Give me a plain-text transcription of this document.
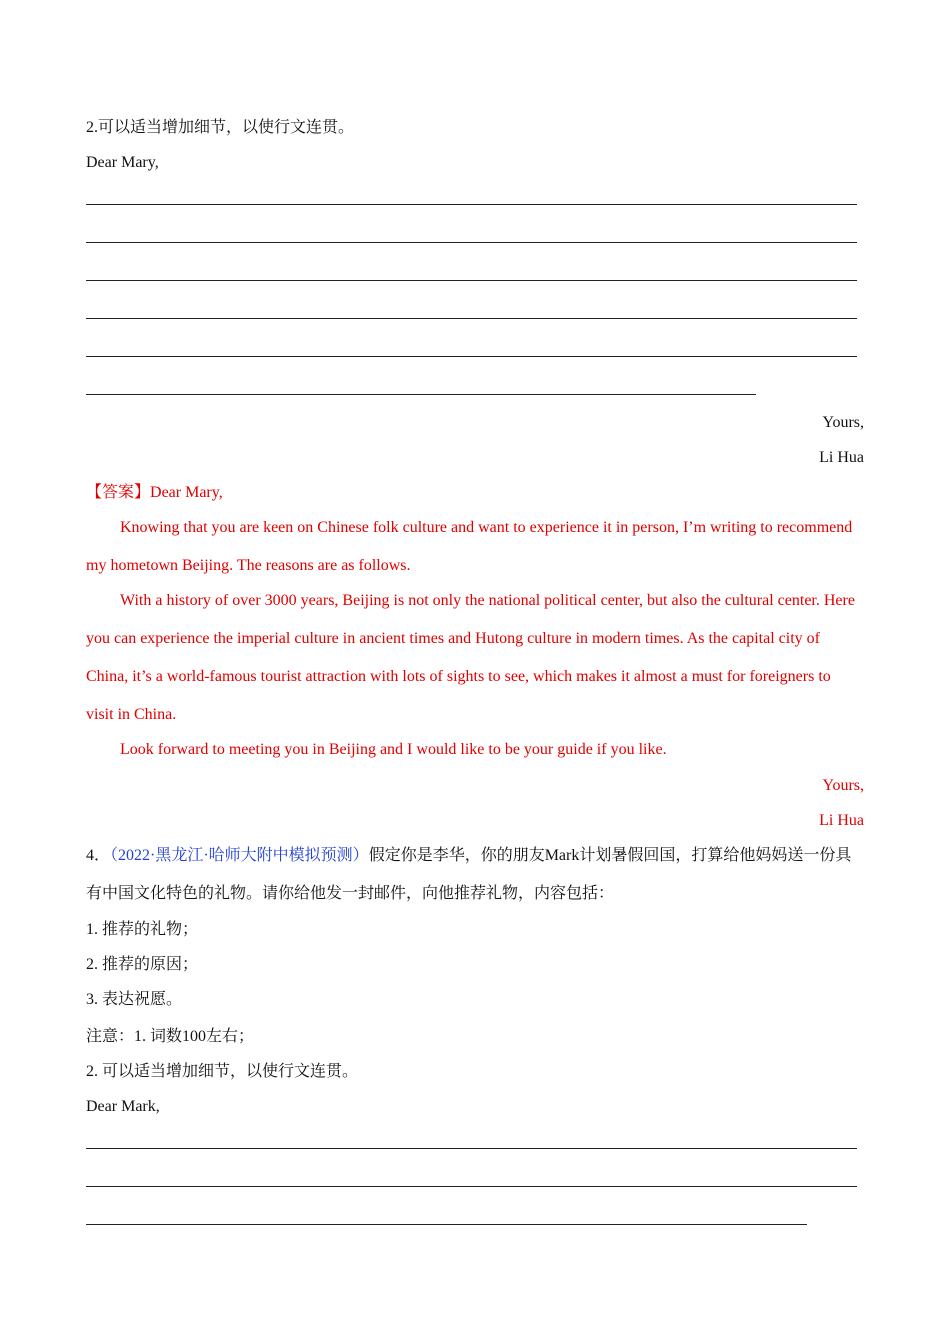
2.可以适当增加细节，以使行文连贯。
Dear Mary,
Yours,
Li Hua
【答案】Dear Mary,
Knowing that you are keen on Chinese folk culture and want to experience it in person, I’m writing to recommend my hometown Beijing. The reasons are as follows.
With a history of over 3000 years, Beijing is not only the national political center, but also the cultural center. Here you can experience the imperial culture in ancient times and Hutong culture in modern times. As the capital city of China, it’s a world-famous tourist attraction with lots of sights to see, which makes it almost a must for foreigners to visit in China.
Look forward to meeting you in Beijing and I would like to be your guide if you like.
Yours,
Li Hua
4．（2022·黑龙江·哈师大附中模拟预测）假定你是李华，你的朋友Mark计划暑假回国，打算给他妈妈送一份具有中国文化特色的礼物。请你给他发一封邮件，向他推荐礼物，内容包括：
1. 推荐的礼物；
2. 推荐的原因；
3. 表达祝愿。
注意：1. 词数100左右；
2. 可以适当增加细节，以使行文连贯。
Dear Mark,
